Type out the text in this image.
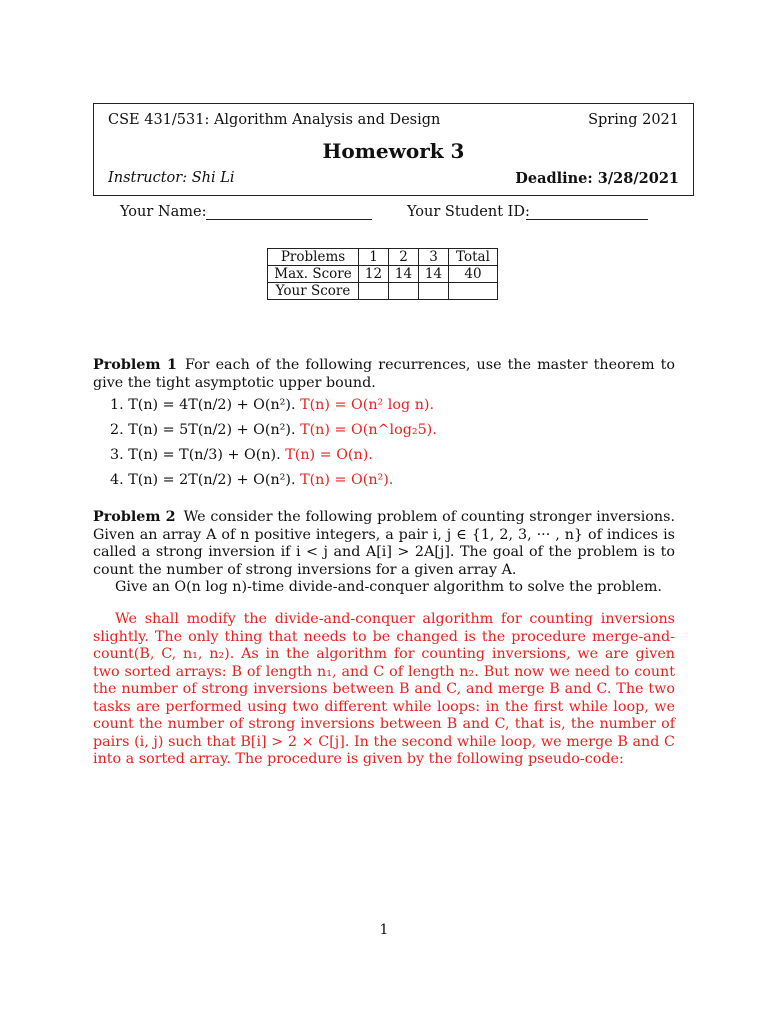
CSE 431/531: Algorithm Analysis and Design	Spring 2021
Homework 3
Instructor: Shi Li	Deadline: 3/28/2021
Your Name:	Your Student ID:
Problems	1	2	3	Total
Max. Score	12	14	14	40
Your Score				
Problem 1 For each of the following recurrences, use the master theorem to give the tight asymptotic upper bound.
1. T(n) = 4T(n/2) + O(n²). T(n) = O(n² log n).
2. T(n) = 5T(n/2) + O(n²). T(n) = O(n^log₂5).
3. T(n) = T(n/3) + O(n). T(n) = O(n).
4. T(n) = 2T(n/2) + O(n²). T(n) = O(n²).
Problem 2 We consider the following problem of counting stronger inversions. Given an array A of n positive integers, a pair i, j ∈ {1, 2, 3, ··· , n} of indices is called a strong inversion if i < j and A[i] > 2A[j]. The goal of the problem is to count the number of strong inversions for a given array A.
Give an O(n log n)-time divide-and-conquer algorithm to solve the problem.
We shall modify the divide-and-conquer algorithm for counting inversions slightly. The only thing that needs to be changed is the procedure merge-and-count(B, C, n₁, n₂). As in the algorithm for counting inversions, we are given two sorted arrays: B of length n₁, and C of length n₂. But now we need to count the number of strong inversions between B and C, and merge B and C. The two tasks are performed using two different while loops: in the first while loop, we count the number of strong inversions between B and C, that is, the number of pairs (i, j) such that B[i] > 2 × C[j]. In the second while loop, we merge B and C into a sorted array. The procedure is given by the following pseudo-code:
1
